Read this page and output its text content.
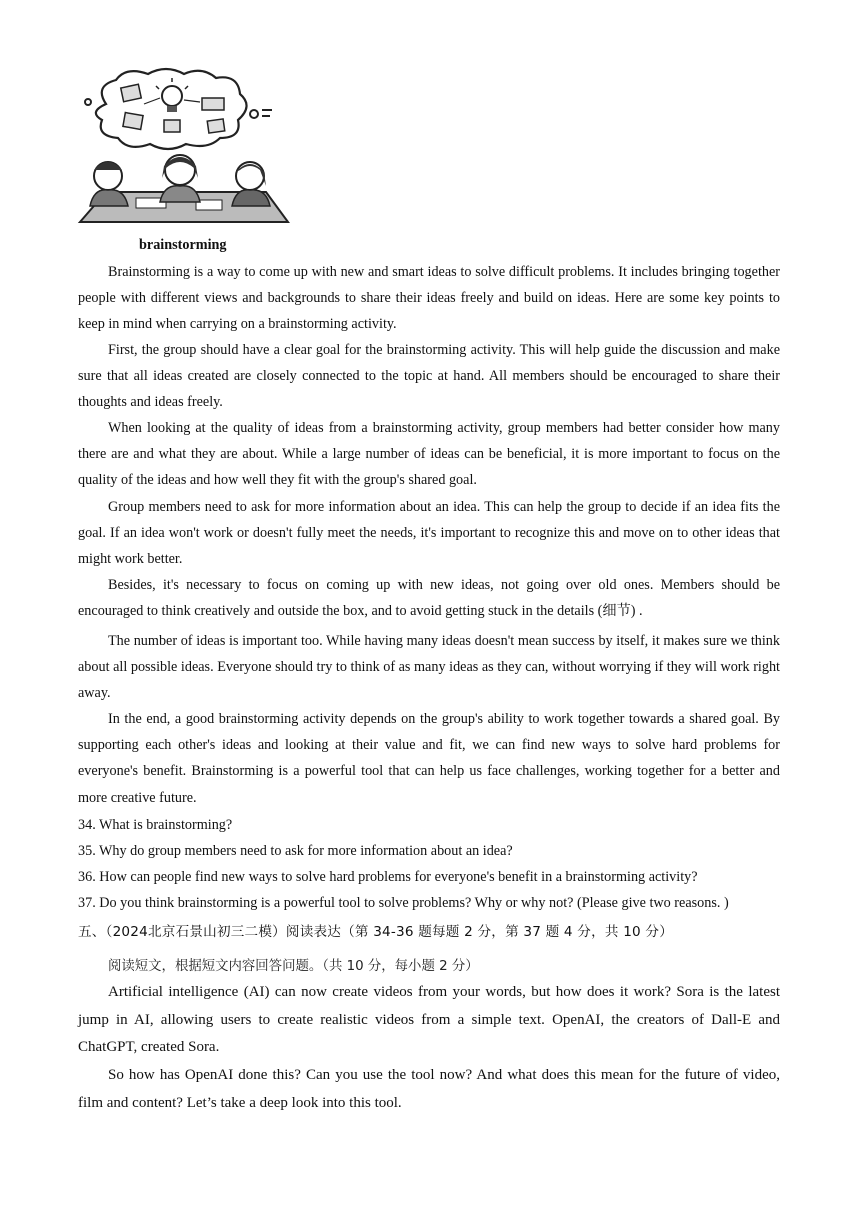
brainstorming

Brainstorming is a way to come up with new and smart ideas to solve difficult problems. It includes bringing together people with different views and backgrounds to share their ideas freely and build on ideas. Here are some key points to keep in mind when carrying on a brainstorming activity.

First, the group should have a clear goal for the brainstorming activity. This will help guide the discussion and make sure that all ideas created are closely connected to the topic at hand. All members should be encouraged to share their thoughts and ideas freely.

When looking at the quality of ideas from a brainstorming activity, group members had better consider how many there are and what they are about. While a large number of ideas can be beneficial, it is more important to focus on the quality of the ideas and how well they fit with the group's shared goal.

Group members need to ask for more information about an idea. This can help the group to decide if an idea fits the goal. If an idea won't work or doesn't fully meet the needs, it's important to recognize this and move on to other ideas that might work better.

Besides, it's necessary to focus on coming up with new ideas, not going over old ones. Members should be encouraged to think creatively and outside the box, and to avoid getting stuck in the details (细节) .

The number of ideas is important too. While having many ideas doesn't mean success by itself, it makes sure we think about all possible ideas. Everyone should try to think of as many ideas as they can, without worrying if they will work right away.

In the end, a good brainstorming activity depends on the group's ability to work together towards a shared goal. By supporting each other's ideas and looking at their value and fit, we can find new ways to solve hard problems for everyone's benefit. Brainstorming is a powerful tool that can help us face challenges, working together for a better and more creative future.

34. What is brainstorming?

35. Why do group members need to ask for more information about an idea?

36. How can people find new ways to solve hard problems for everyone's benefit in a brainstorming activity?

37. Do you think brainstorming is a powerful tool to solve problems? Why or why not? (Please give two reasons. )

五、（2024北京石景山初三二模）阅读表达（第 34-36 题每题 2 分，第 37 题 4 分，共 10 分）

阅读短文，根据短文内容回答问题。（共 10 分，每小题 2 分）

Artificial intelligence (AI) can now create videos from your words, but how does it work? Sora is the latest jump in AI, allowing users to create realistic videos from a simple text. OpenAI, the creators of Dall-E and ChatGPT, created Sora.

So how has OpenAI done this? Can you use the tool now? And what does this mean for the future of video, film and content? Let’s take a deep look into this tool.
